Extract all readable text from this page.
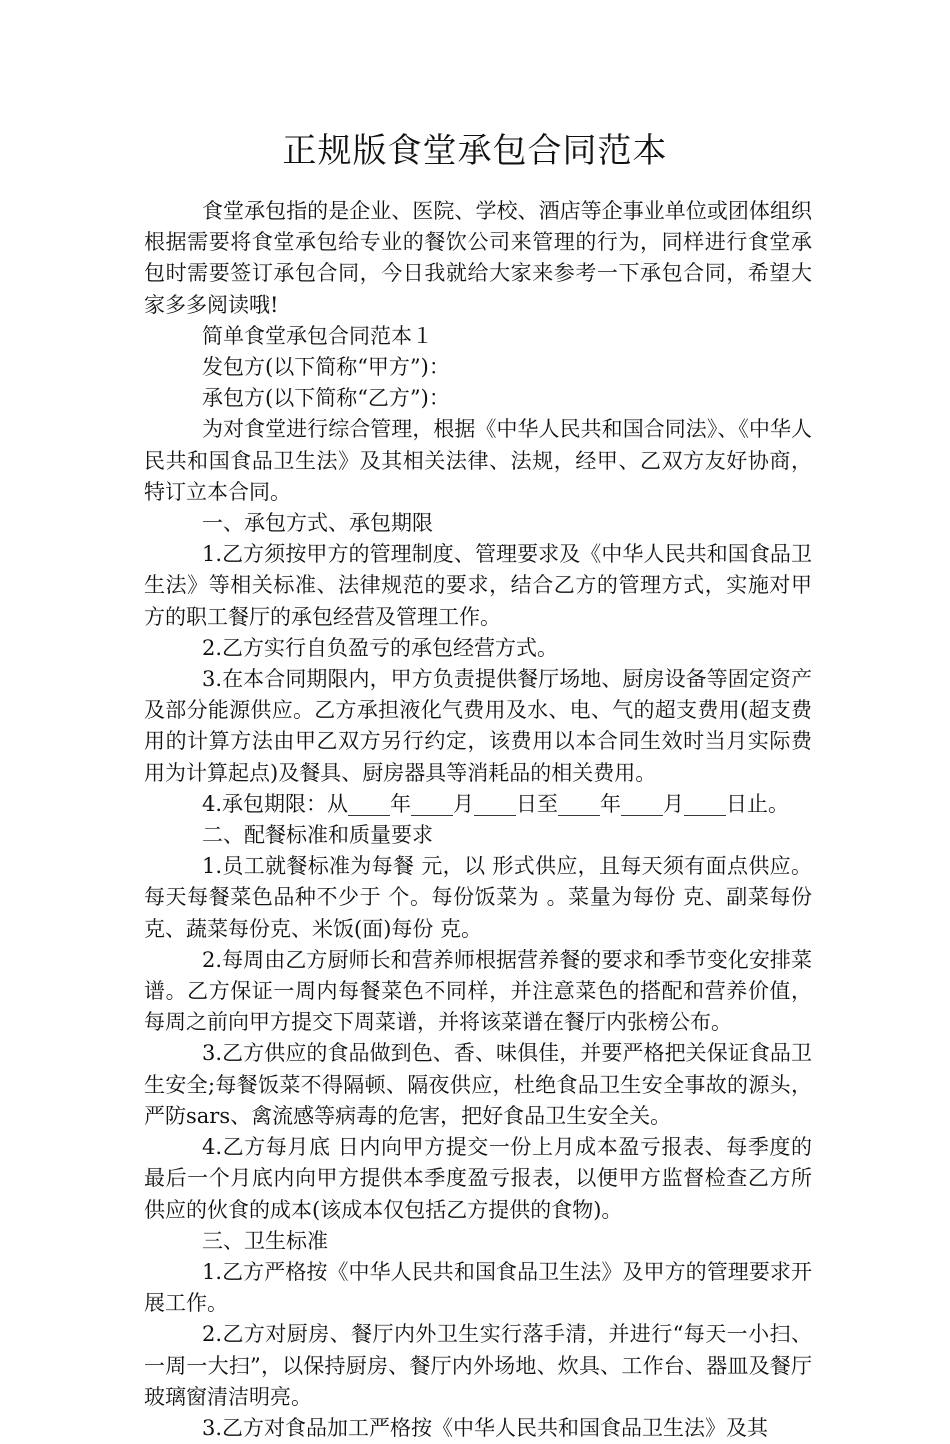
正规版食堂承包合同范本

食堂承包指的是企业、医院、学校、酒店等企事业单位或团体组织根据需要将食堂承包给专业的餐饮公司来管理的行为，同样进行食堂承包时需要签订承包合同，今日我就给大家来参考一下承包合同，希望大家多多阅读哦!

简单食堂承包合同范本１

发包方(以下简称“甲方”)：

承包方(以下简称“乙方”)：

为对食堂进行综合管理，根据《中华人民共和国合同法》、《中华人民共和国食品卫生法》及其相关法律、法规，经甲、乙双方友好协商，特订立本合同。

一、承包方式、承包期限

1.乙方须按甲方的管理制度、管理要求及《中华人民共和国食品卫生法》等相关标准、法律规范的要求，结合乙方的管理方式，实施对甲方的职工餐厅的承包经营及管理工作。

2.乙方实行自负盈亏的承包经营方式。

3.在本合同期限内，甲方负责提供餐厅场地、厨房设备等固定资产及部分能源供应。乙方承担液化气费用及水、电、气的超支费用(超支费用的计算方法由甲乙双方另行约定，该费用以本合同生效时当月实际费用为计算起点)及餐具、厨房器具等消耗品的相关费用。

4.承包期限：从____年____月____日至____年____月____日止。

二、配餐标准和质量要求

1.员工就餐标准为每餐 元，以 形式供应，且每天须有面点供应。每天每餐菜色品种不少于 个。每份饭菜为 。菜量为每份 克、副菜每份 克、蔬菜每份克、米饭(面)每份 克。

2.每周由乙方厨师长和营养师根据营养餐的要求和季节变化安排菜谱。乙方保证一周内每餐菜色不同样，并注意菜色的搭配和营养价值，每周之前向甲方提交下周菜谱，并将该菜谱在餐厅内张榜公布。

3.乙方供应的食品做到色、香、味俱佳，并要严格把关保证食品卫生安全;每餐饭菜不得隔顿、隔夜供应，杜绝食品卫生安全事故的源头，严防sars、禽流感等病毒的危害，把好食品卫生安全关。

4.乙方每月底 日内向甲方提交一份上月成本盈亏报表、每季度的最后一个月底内向甲方提供本季度盈亏报表，以便甲方监督检查乙方所供应的伙食的成本(该成本仅包括乙方提供的食物)。

三、卫生标准

1.乙方严格按《中华人民共和国食品卫生法》及甲方的管理要求开展工作。

2.乙方对厨房、餐厅内外卫生实行落手清，并进行“每天一小扫、一周一大扫”，以保持厨房、餐厅内外场地、炊具、工作台、器皿及餐厅玻璃窗清洁明亮。

3.乙方对食品加工严格按《中华人民共和国食品卫生法》及其
